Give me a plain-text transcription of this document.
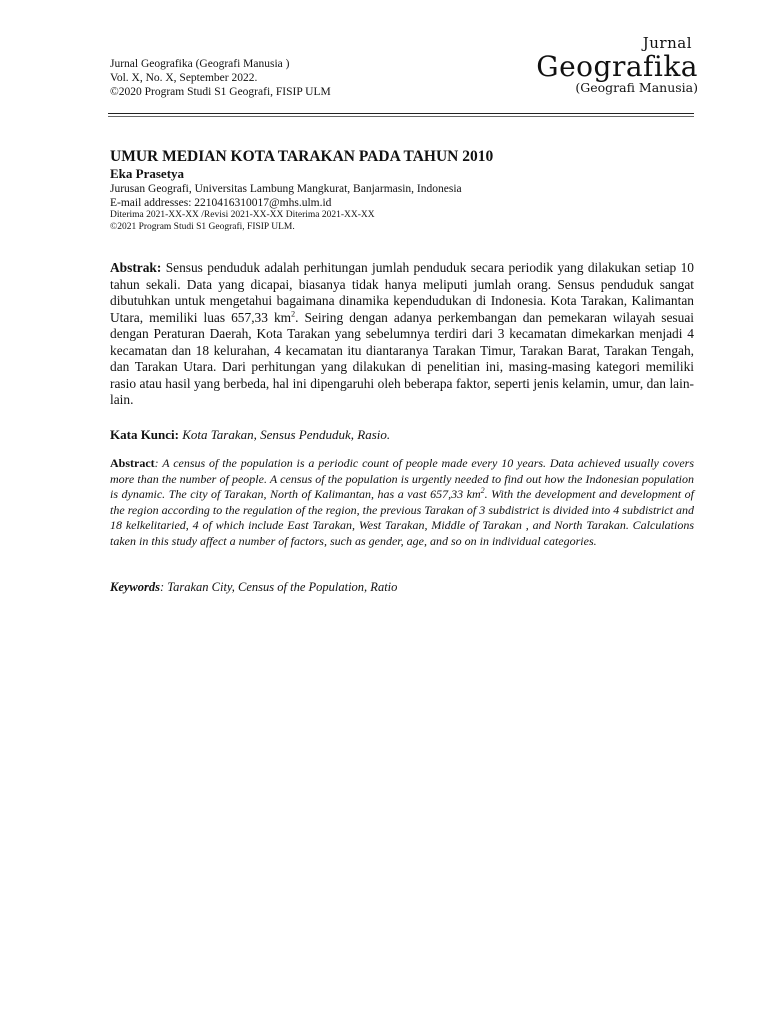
Jurnal Geografika (Geografi Manusia )
Vol. X, No. X, September 2022.
©2020 Program Studi S1 Geografi, FISIP ULM
Jurnal
Geografika
(Geografi Manusia)
UMUR MEDIAN KOTA TARAKAN PADA TAHUN 2010
Eka Prasetya
Jurusan Geografi, Universitas Lambung Mangkurat, Banjarmasin, Indonesia
E-mail addresses: 2210416310017@mhs.ulm.id
Diterima 2021-XX-XX /Revisi 2021-XX-XX Diterima 2021-XX-XX
©2021 Program Studi S1 Geografi, FISIP ULM.
Abstrak: Sensus penduduk adalah perhitungan jumlah penduduk secara periodik yang dilakukan setiap 10 tahun sekali. Data yang dicapai, biasanya tidak hanya meliputi jumlah orang. Sensus penduduk sangat dibutuhkan untuk mengetahui bagaimana dinamika kependudukan di Indonesia. Kota Tarakan, Kalimantan Utara, memiliki luas 657,33 $km^2$. Seiring dengan adanya perkembangan dan pemekaran wilayah sesuai dengan Peraturan Daerah, Kota Tarakan yang sebelumnya terdiri dari 3 kecamatan dimekarkan menjadi 4 kecamatan dan 18 kelurahan, 4 kecamatan itu diantaranya Tarakan Timur, Tarakan Barat, Tarakan Tengah, dan Tarakan Utara. Dari perhitungan yang dilakukan di penelitian ini, masing-masing kategori memiliki rasio atau hasil yang berbeda, hal ini dipengaruhi oleh beberapa faktor, seperti jenis kelamin, umur, dan lain-lain.
Kata Kunci: Kota Tarakan, Sensus Penduduk, Rasio.
Abstract: A census of the population is a periodic count of people made every 10 years. Data achieved usually covers more than the number of people. A census of the population is urgently needed to find out how the Indonesian population is dynamic. The city of Tarakan, North of Kalimantan, has a vast 657,33 $km^2$. With the development and development of the region according to the regulation of the region, the previous Tarakan of 3 subdistrict is divided into 4 subdistrict and 18 kelkelitaried, 4 of which include East Tarakan, West Tarakan, Middle of Tarakan , and North Tarakan. Calculations taken in this study affect a number of factors, such as gender, age, and so on in individual categories.
Keywords: Tarakan City, Census of the Population, Ratio
